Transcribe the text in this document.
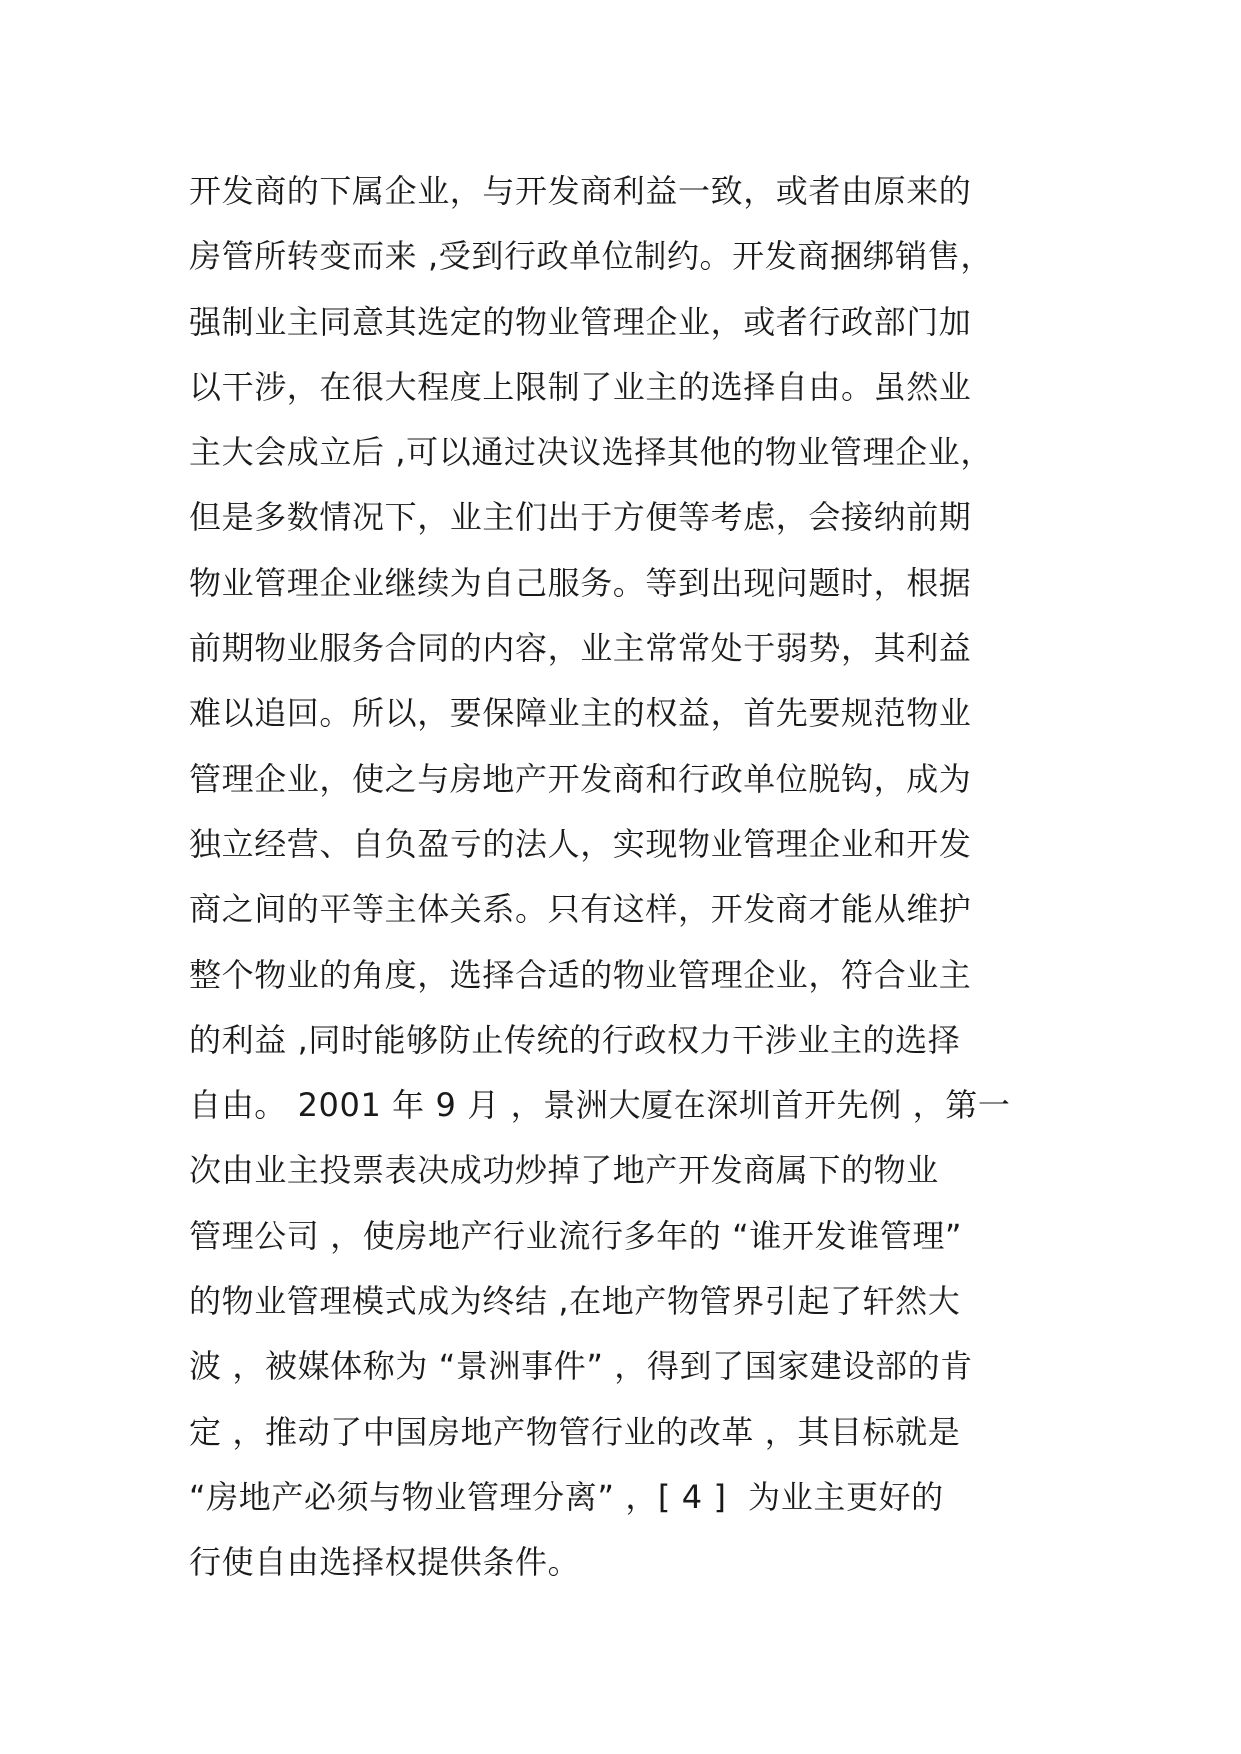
开发商的下属企业，与开发商利益一致，或者由原来的
房管所转变而来 ,受到行政单位制约。开发商捆绑销售，
强制业主同意其选定的物业管理企业，或者行政部门加
以干涉，在很大程度上限制了业主的选择自由。虽然业
主大会成立后 ,可以通过决议选择其他的物业管理企业，
但是多数情况下，业主们出于方便等考虑，会接纳前期
物业管理企业继续为自己服务。等到出现问题时，根据
前期物业服务合同的内容，业主常常处于弱势，其利益
难以追回。所以，要保障业主的权益，首先要规范物业
管理企业，使之与房地产开发商和行政单位脱钩，成为
独立经营、自负盈亏的法人，实现物业管理企业和开发
商之间的平等主体关系。只有这样，开发商才能从维护
整个物业的角度，选择合适的物业管理企业，符合业主
的利益 ,同时能够防止传统的行政权力干涉业主的选择
自由。 2001 年 9 月 ，景洲大厦在深圳首开先例 ，第一
次由业主投票表决成功炒掉了地产开发商属下的物业
管理公司 ，使房地产行业流行多年的 “谁开发谁管理”
的物业管理模式成为终结 ,在地产物管界引起了轩然大
波 ，被媒体称为 “景洲事件” ，得到了国家建设部的肯
定 ，推动了中国房地产物管行业的改革 ，其目标就是
“房地产必须与物业管理分离” ，[ 4 ]  为业主更好的
行使自由选择权提供条件。
